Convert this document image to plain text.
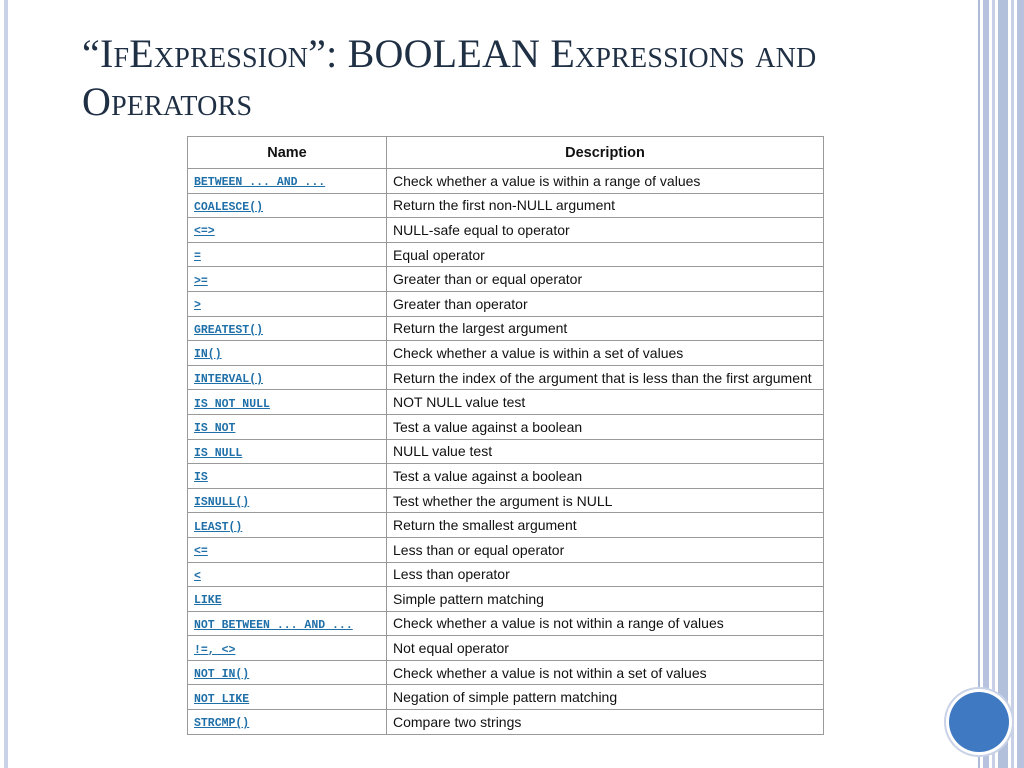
“IfExpression”: BOOLEAN Expressions and Operators
Name	Description
BETWEEN ... AND ...	Check whether a value is within a range of values
COALESCE()	Return the first non-NULL argument
<=>	NULL-safe equal to operator
=	Equal operator
>=	Greater than or equal operator
>	Greater than operator
GREATEST()	Return the largest argument
IN()	Check whether a value is within a set of values
INTERVAL()	Return the index of the argument that is less than the first argument
IS NOT NULL	NOT NULL value test
IS NOT	Test a value against a boolean
IS NULL	NULL value test
IS	Test a value against a boolean
ISNULL()	Test whether the argument is NULL
LEAST()	Return the smallest argument
<=	Less than or equal operator
<	Less than operator
LIKE	Simple pattern matching
NOT BETWEEN ... AND ...	Check whether a value is not within a range of values
!=, <>	Not equal operator
NOT IN()	Check whether a value is not within a set of values
NOT LIKE	Negation of simple pattern matching
STRCMP()	Compare two strings
